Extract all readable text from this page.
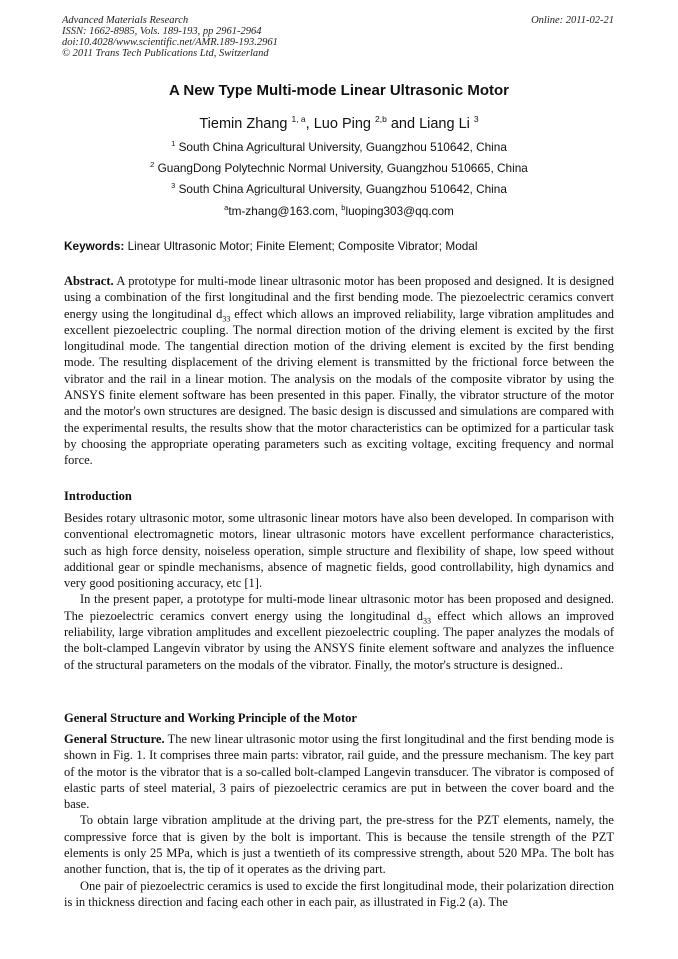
Advanced Materials Research
ISSN: 1662-8985, Vols. 189-193, pp 2961-2964
doi:10.4028/www.scientific.net/AMR.189-193.2961
© 2011 Trans Tech Publications Ltd, Switzerland
Online: 2011-02-21
A New Type Multi-mode Linear Ultrasonic Motor
Tiemin Zhang $^{1, a}$, Luo Ping $^{2,b}$ and Liang Li $^3$
$^1$ South China Agricultural University, Guangzhou 510642, China
$^2$ GuangDong Polytechnic Normal University, Guangzhou 510665, China
$^3$ South China Agricultural University, Guangzhou 510642, China
$^a$tm-zhang@163.com, $^b$luoping303@qq.com
Keywords: Linear Ultrasonic Motor; Finite Element; Composite Vibrator; Modal

Abstract. A prototype for multi-mode linear ultrasonic motor has been proposed and designed. It is designed using a combination of the first longitudinal and the first bending mode. The piezoelectric ceramics convert energy using the longitudinal $d_{33}$ effect which allows an improved reliability, large vibration amplitudes and excellent piezoelectric coupling. The normal direction motion of the driving element is excited by the first longitudinal mode. The tangential direction motion of the driving element is excited by the first bending mode. The resulting displacement of the driving element is transmitted by the frictional force between the vibrator and the rail in a linear motion. The analysis on the modals of the composite vibrator by using the ANSYS finite element software has been presented in this paper. Finally, the vibrator structure of the motor and the motor's own structures are designed. The basic design is discussed and simulations are compared with the experimental results, the results show that the motor characteristics can be optimized for a particular task by choosing the appropriate operating parameters such as exciting voltage, exciting frequency and normal force.

Introduction

Besides rotary ultrasonic motor, some ultrasonic linear motors have also been developed. In comparison with conventional electromagnetic motors, linear ultrasonic motors have excellent performance characteristics, such as high force density, noiseless operation, simple structure and flexibility of shape, low speed without additional gear or spindle mechanisms, absence of magnetic fields, good controllability, high dynamics and very good positioning accuracy, etc [1].

In the present paper, a prototype for multi-mode linear ultrasonic motor has been proposed and designed. The piezoelectric ceramics convert energy using the longitudinal $d_{33}$ effect which allows an improved reliability, large vibration amplitudes and excellent piezoelectric coupling. The paper analyzes the modals of the bolt-clamped Langevin vibrator by using the ANSYS finite element software and analyzes the influence of the structural parameters on the modals of the vibrator. Finally, the motor's structure is designed..

General Structure and Working Principle of the Motor

General Structure. The new linear ultrasonic motor using the first longitudinal and the first bending mode is shown in Fig. 1. It comprises three main parts: vibrator, rail guide, and the pressure mechanism. The key part of the motor is the vibrator that is a so-called bolt-clamped Langevin transducer. The vibrator is composed of elastic parts of steel material, 3 pairs of piezoelectric ceramics are put in between the cover board and the base.

To obtain large vibration amplitude at the driving part, the pre-stress for the PZT elements, namely, the compressive force that is given by the bolt is important. This is because the tensile strength of the PZT elements is only 25 MPa, which is just a twentieth of its compressive strength, about 520 MPa. The bolt has another function, that is, the tip of it operates as the driving part.

One pair of piezoelectric ceramics is used to excide the first longitudinal mode, their polarization direction is in thickness direction and facing each other in each pair, as illustrated in Fig.2 (a). The
